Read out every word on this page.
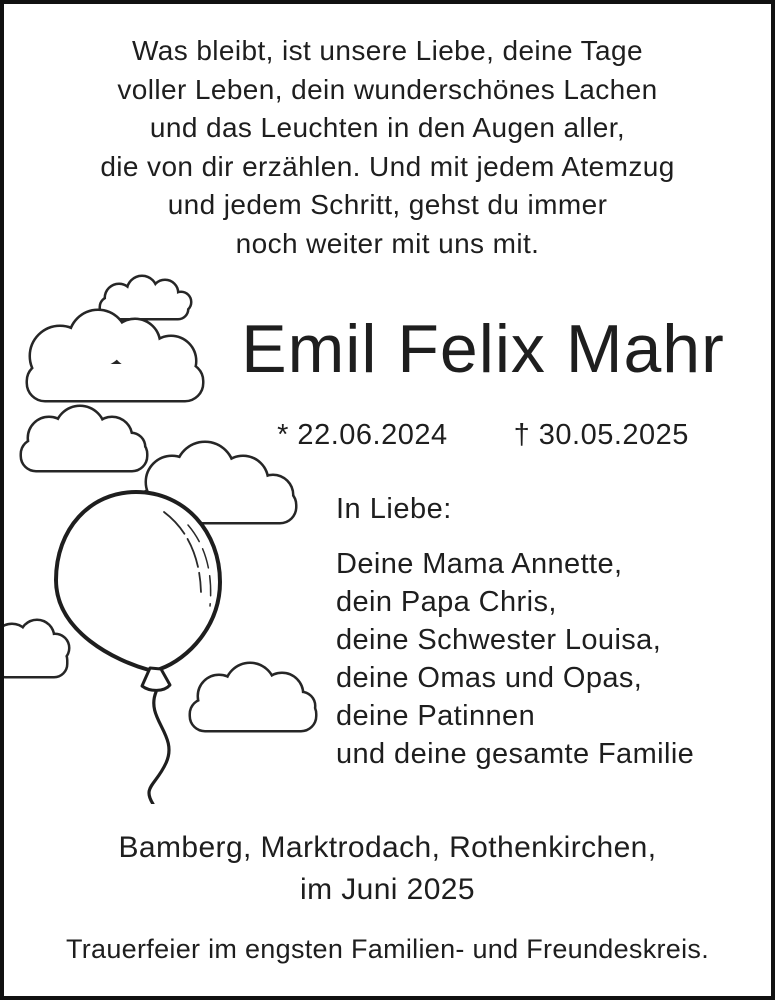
Was bleibt, ist unsere Liebe, deine Tage
voller Leben, dein wunderschönes Lachen
und das Leuchten in den Augen aller,
die von dir erzählen. Und mit jedem Atemzug
und jedem Schritt, gehst du immer
noch weiter mit uns mit.
Emil Felix Mahr
* 22.06.2024 † 30.05.2025
In Liebe:
Deine Mama Annette,
dein Papa Chris,
deine Schwester Louisa,
deine Omas und Opas,
deine Patinnen
und deine gesamte Familie
Bamberg, Marktrodach, Rothenkirchen,
im Juni 2025
Trauerfeier im engsten Familien- und Freundeskreis.
